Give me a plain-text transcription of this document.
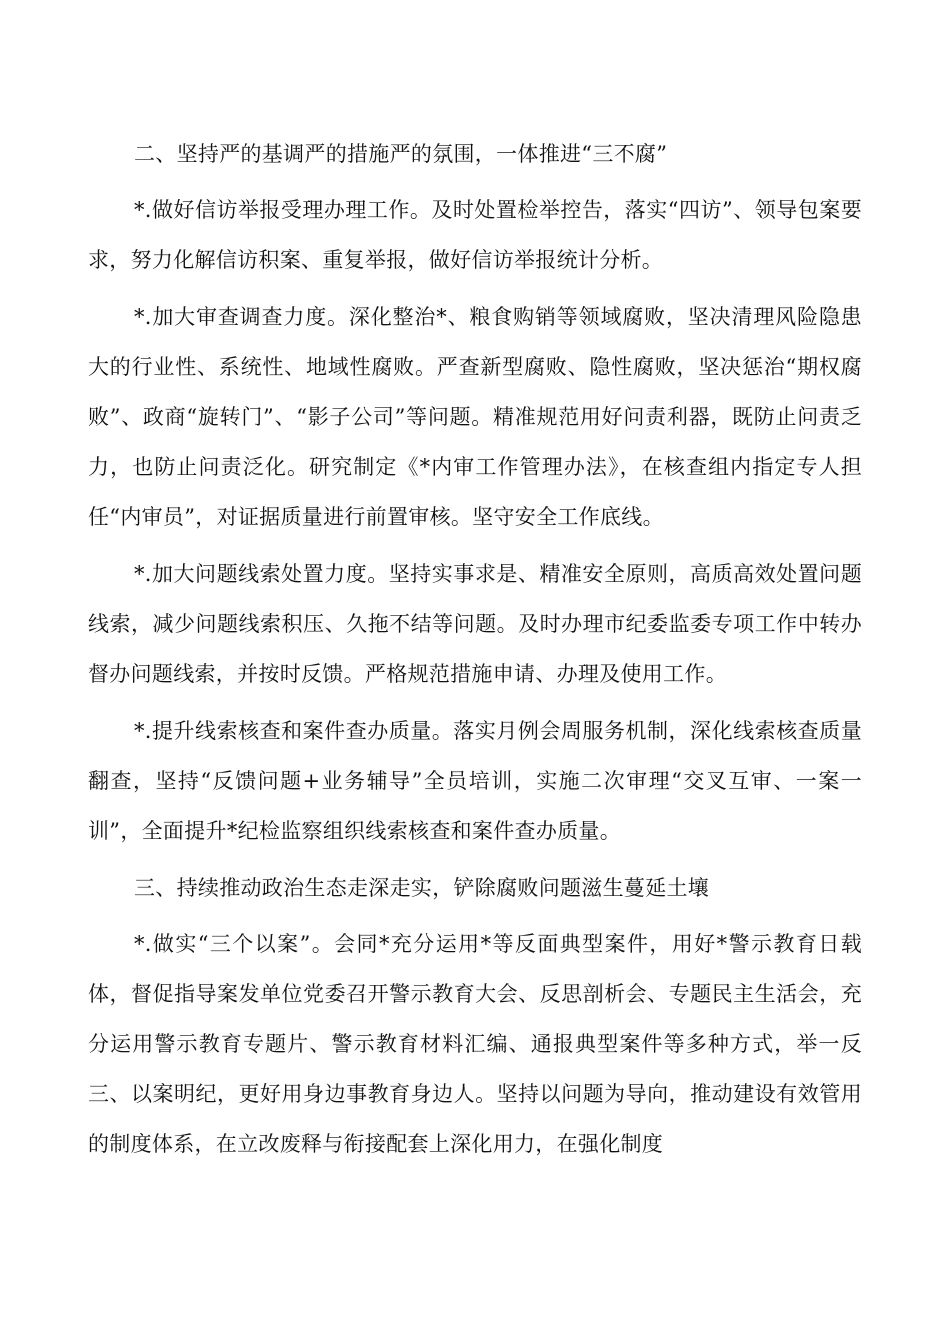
二、坚持严的基调严的措施严的氛围，一体推进“三不腐”

*.做好信访举报受理办理工作。及时处置检举控告，落实“四访”、领导包案要求，努力化解信访积案、重复举报，做好信访举报统计分析。

*.加大审查调查力度。深化整治*、粮食购销等领域腐败，坚决清理风险隐患大的行业性、系统性、地域性腐败。严查新型腐败、隐性腐败，坚决惩治“期权腐败”、政商“旋转门”、“影子公司”等问题。精准规范用好问责利器，既防止问责乏力，也防止问责泛化。研究制定《*内审工作管理办法》，在核查组内指定专人担任“内审员”，对证据质量进行前置审核。坚守安全工作底线。

*.加大问题线索处置力度。坚持实事求是、精准安全原则，高质高效处置问题线索，减少问题线索积压、久拖不结等问题。及时办理市纪委监委专项工作中转办督办问题线索，并按时反馈。严格规范措施申请、办理及使用工作。

*.提升线索核查和案件查办质量。落实月例会周服务机制，深化线索核查质量翻查，坚持“反馈问题+业务辅导”全员培训，实施二次审理“交叉互审、一案一训”，全面提升*纪检监察组织线索核查和案件查办质量。

三、持续推动政治生态走深走实，铲除腐败问题滋生蔓延土壤

*.做实“三个以案”。会同*充分运用*等反面典型案件，用好*警示教育日载体，督促指导案发单位党委召开警示教育大会、反思剖析会、专题民主生活会，充分运用警示教育专题片、警示教育材料汇编、通报典型案件等多种方式，举一反三、以案明纪，更好用身边事教育身边人。坚持以问题为导向，推动建设有效管用的制度体系，在立改废释与衔接配套上深化用力，在强化制度
